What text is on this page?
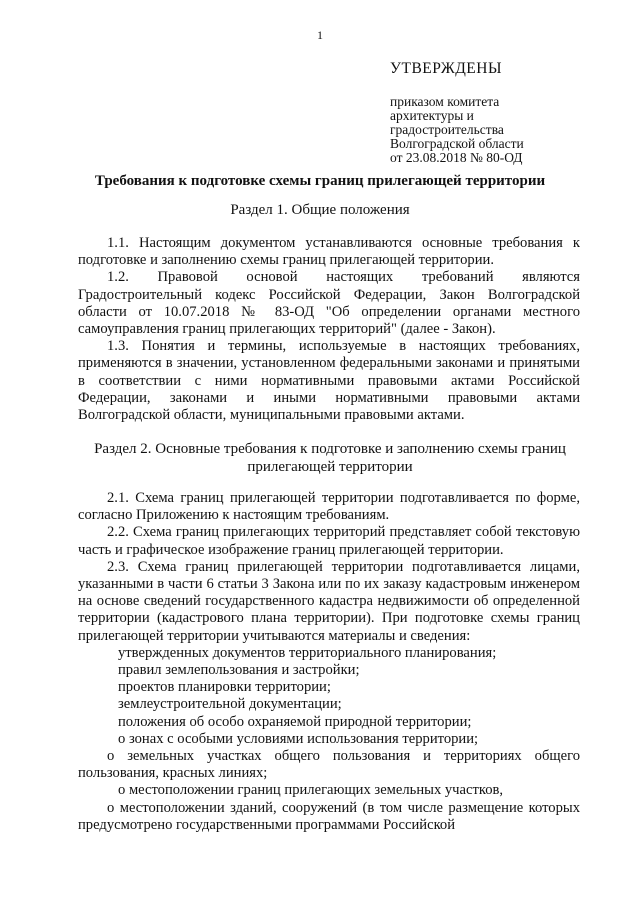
1
УТВЕРЖДЕНЫ
приказом комитета
архитектуры и
градостроительства
Волгоградской области
от 23.08.2018 № 80-ОД
Требования к подготовке схемы границ прилегающей территории
Раздел 1. Общие положения

1.1. Настоящим документом устанавливаются основные требования к подготовке и заполнению схемы границ прилегающей территории.

1.2. Правовой основой настоящих требований являются Градостроительный кодекс Российской Федерации, Закон Волгоградской области от 10.07.2018 № 83-ОД "Об определении органами местного самоуправления границ прилегающих территорий" (далее - Закон).

1.3. Понятия и термины, используемые в настоящих требованиях, применяются в значении, установленном федеральными законами и принятыми в соответствии с ними нормативными правовыми актами Российской Федерации, законами и иными нормативными правовыми актами Волгоградской области, муниципальными правовыми актами.

Раздел 2. Основные требования к подготовке и заполнению схемы границ прилегающей территории

2.1. Схема границ прилегающей территории подготавливается по форме, согласно Приложению к настоящим требованиям.

2.2. Схема границ прилегающих территорий представляет собой текстовую часть и графическое изображение границ прилегающей территории.

2.3. Схема границ прилегающей территории подготавливается лицами, указанными в части 6 статьи 3 Закона или по их заказу кадастровым инженером на основе сведений государственного кадастра недвижимости об определенной территории (кадастрового плана территории). При подготовке схемы границ прилегающей территории учитываются материалы и сведения:

утвержденных документов территориального планирования;

правил землепользования и застройки;

проектов планировки территории;

землеустроительной документации;

положения об особо охраняемой природной территории;

о зонах с особыми условиями использования территории;

о земельных участках общего пользования и территориях общего пользования, красных линиях;

о местоположении границ прилегающих земельных участков,

о местоположении зданий, сооружений (в том числе размещение которых предусмотрено государственными программами Российской
